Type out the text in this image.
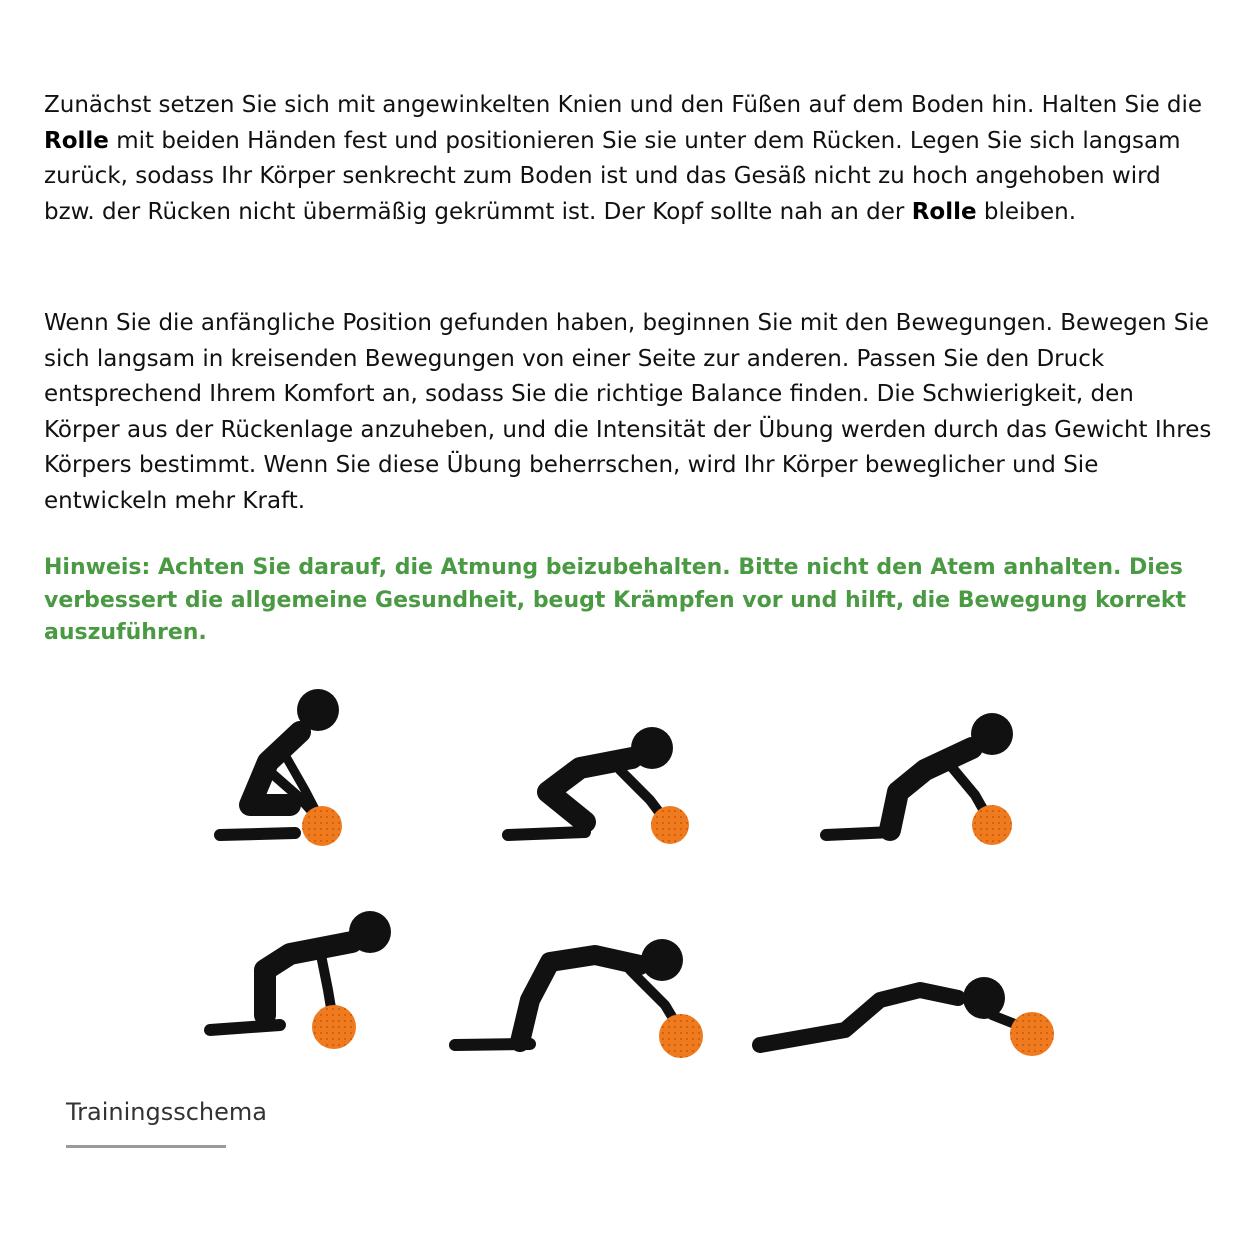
Zunächst setzen Sie sich mit angewinkelten Knien und den Füßen auf dem Boden hin. Halten Sie die Rolle mit beiden Händen fest und positionieren Sie sie unter dem Rücken. Legen Sie sich langsam zurück, sodass Ihr Körper senkrecht zum Boden ist und das Gesäß nicht zu hoch angehoben wird bzw. der Rücken nicht übermäßig gekrümmt ist. Der Kopf sollte nah an der Rolle bleiben.

Wenn Sie die anfängliche Position gefunden haben, beginnen Sie mit den Bewegungen. Bewegen Sie sich langsam in kreisenden Bewegungen von einer Seite zur anderen. Passen Sie den Druck entsprechend Ihrem Komfort an, sodass Sie die richtige Balance finden. Die Schwierigkeit, den Körper aus der Rückenlage anzuheben, und die Intensität der Übung werden durch das Gewicht Ihres Körpers bestimmt. Wenn Sie diese Übung beherrschen, wird Ihr Körper beweglicher und Sie entwickeln mehr Kraft.

Hinweis: Achten Sie darauf, die Atmung beizubehalten. Bitte nicht den Atem anhalten. Dies verbessert die allgemeine Gesundheit, beugt Krämpfen vor und hilft, die Bewegung korrekt auszuführen.

Trainingsschema
